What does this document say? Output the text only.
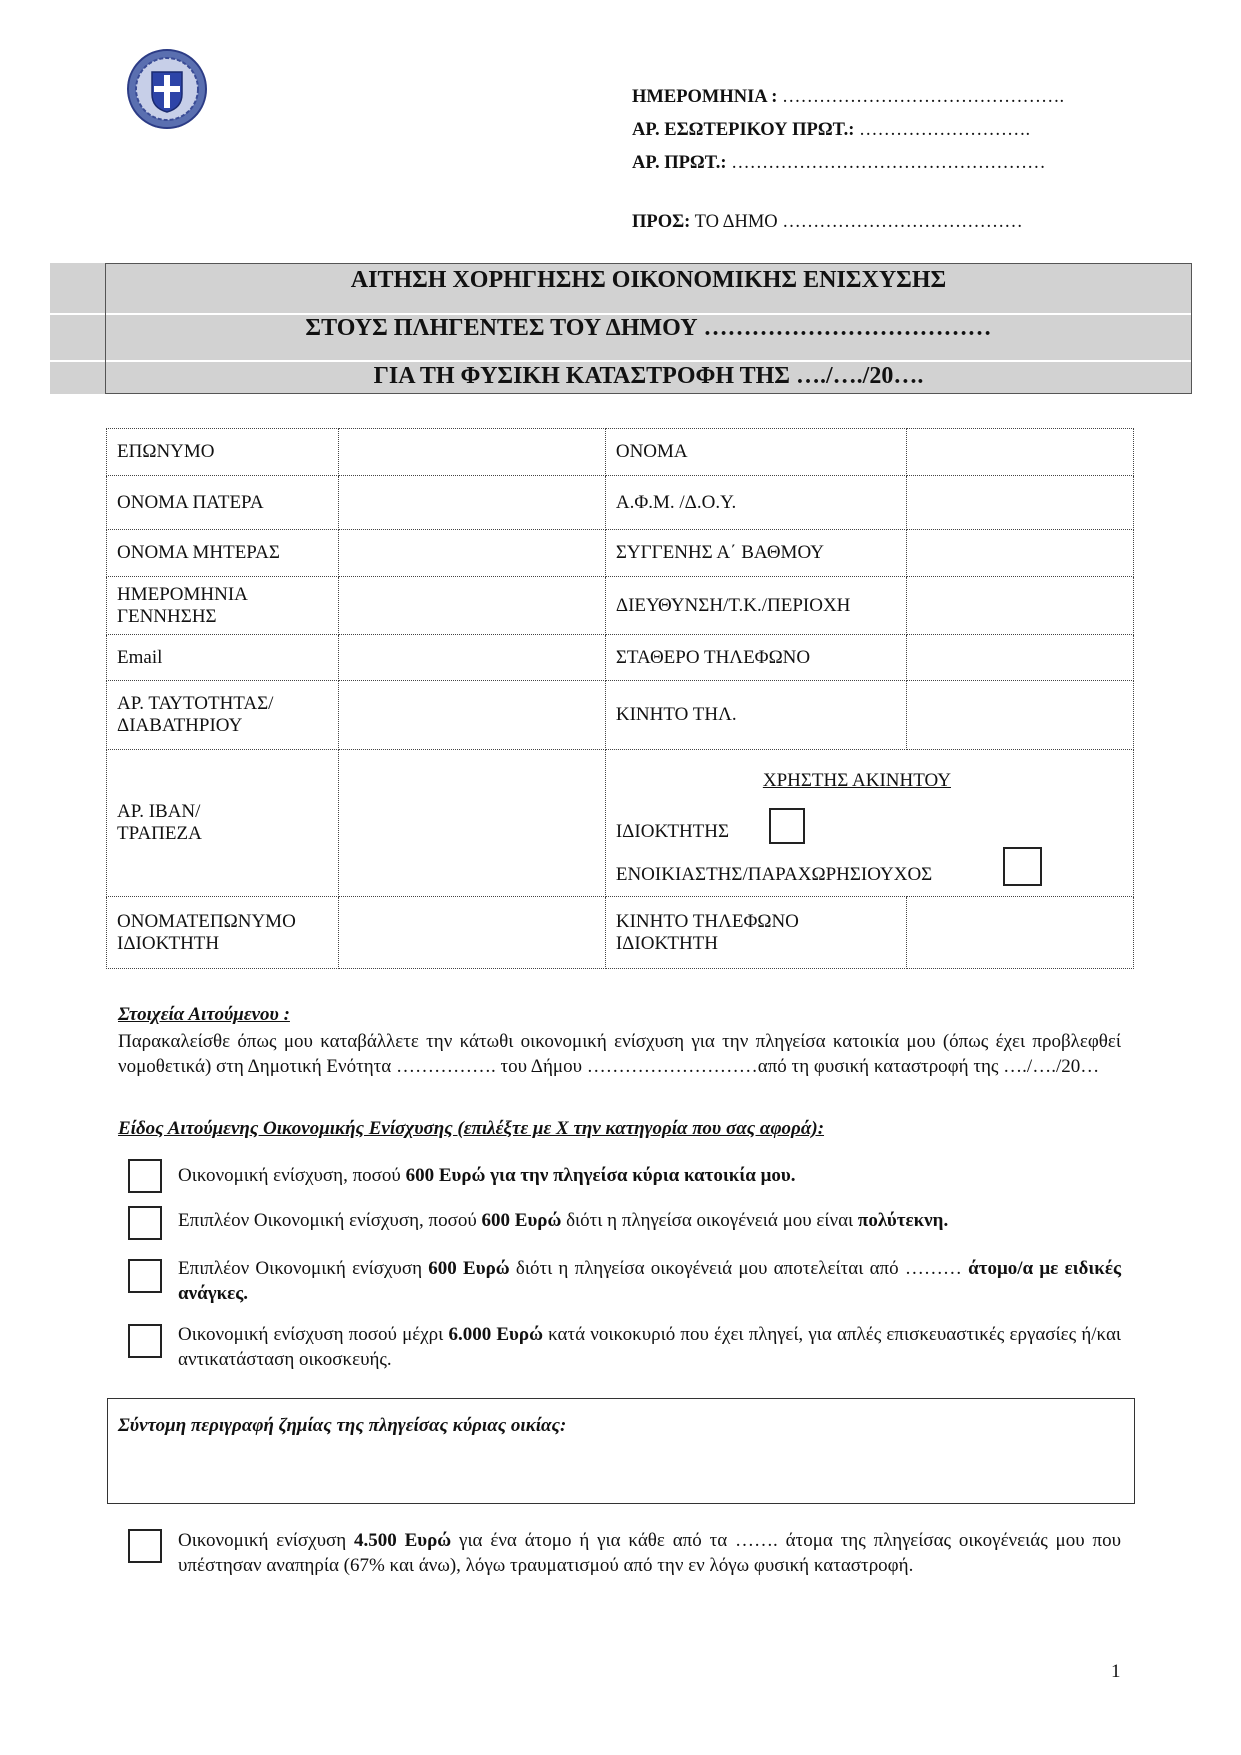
ΗΜΕΡΟΜΗΝΙΑ : ……………………………………….
ΑΡ. ΕΣΩΤΕΡΙΚΟΥ ΠΡΩΤ.: ……………………….
ΑΡ. ΠΡΩΤ.: ……………………………………………
ΠΡΟΣ: ΤΟ ΔΗΜΟ …………………………………
ΑΙΤΗΣΗ ΧΟΡΗΓΗΣΗΣ ΟΙΚΟΝΟΜΙΚΗΣ ΕΝΙΣΧΥΣΗΣ
ΣΤΟΥΣ ΠΛΗΓΕΝΤΕΣ ΤΟΥ ΔΗΜΟΥ ………………………………
ΓΙΑ ΤΗ ΦΥΣΙΚΗ ΚΑΤΑΣΤΡΟΦΗ ΤΗΣ …./…./20….
ΕΠΩΝΥΜΟ		ΟΝΟΜΑ	
ΟΝΟΜΑ ΠΑΤΕΡΑ		Α.Φ.Μ. /Δ.Ο.Υ.	
ΟΝΟΜΑ ΜΗΤΕΡΑΣ		ΣΥΓΓΕΝΗΣ Α΄ ΒΑΘΜΟΥ	
ΗΜΕΡΟΜΗΝΙΑ
ΓΕΝΝΗΣΗΣ		ΔΙΕΥΘΥΝΣΗ/Τ.Κ./ΠΕΡΙΟΧΗ	
Email		ΣΤΑΘΕΡΟ ΤΗΛΕΦΩΝΟ	
ΑΡ. ΤΑΥΤΟΤΗΤΑΣ/
ΔΙΑΒΑΤΗΡΙΟΥ		ΚΙΝΗΤΟ ΤΗΛ.	
ΑΡ. IBAN/
ΤΡΑΠΕΖΑ		ΧΡΗΣΤΗΣ ΑΚΙΝΗΤΟΥ
ΙΔΙΟΚΤΗΤΗΣ
ΕΝΟΙΚΙΑΣΤΗΣ/ΠΑΡΑΧΩΡΗΣΙΟΥΧΟΣ	

ΟΝΟΜΑΤΕΠΩΝΥΜΟ
ΙΔΙΟΚΤΗΤΗ		ΚΙΝΗΤΟ ΤΗΛΕΦΩΝΟ
ΙΔΙΟΚΤΗΤΗ	
Στοιχεία Αιτούμενου :
Παρακαλείσθε όπως μου καταβάλλετε την κάτωθι οικονομική ενίσχυση για την πληγείσα κατοικία μου (όπως έχει προβλεφθεί νομοθετικά) στη Δημοτική Ενότητα ……………. του Δήμου ………………………από τη φυσική καταστροφή της …./…./20…
Είδος Αιτούμενης Οικονομικής Ενίσχυσης (επιλέξτε με Χ την κατηγορία που σας αφορά):
Οικονομική ενίσχυση, ποσού 600 Ευρώ για την πληγείσα κύρια κατοικία μου.
Επιπλέον Οικονομική ενίσχυση, ποσού 600 Ευρώ διότι η πληγείσα οικογένειά μου είναι πολύτεκνη.
Επιπλέον Οικονομική ενίσχυση 600 Ευρώ διότι η πληγείσα οικογένειά μου αποτελείται από ……… άτομο/α με ειδικές ανάγκες.
Οικονομική ενίσχυση ποσού μέχρι 6.000 Ευρώ κατά νοικοκυριό που έχει πληγεί, για απλές επισκευαστικές εργασίες ή/και αντικατάσταση οικοσκευής.
Σύντομη περιγραφή ζημίας της πληγείσας κύριας οικίας:
Οικονομική ενίσχυση 4.500 Ευρώ για ένα άτομο ή για κάθε από τα ……. άτομα της πληγείσας οικογένειάς μου που υπέστησαν αναπηρία (67% και άνω), λόγω τραυματισμού από την εν λόγω φυσική καταστροφή.
1
